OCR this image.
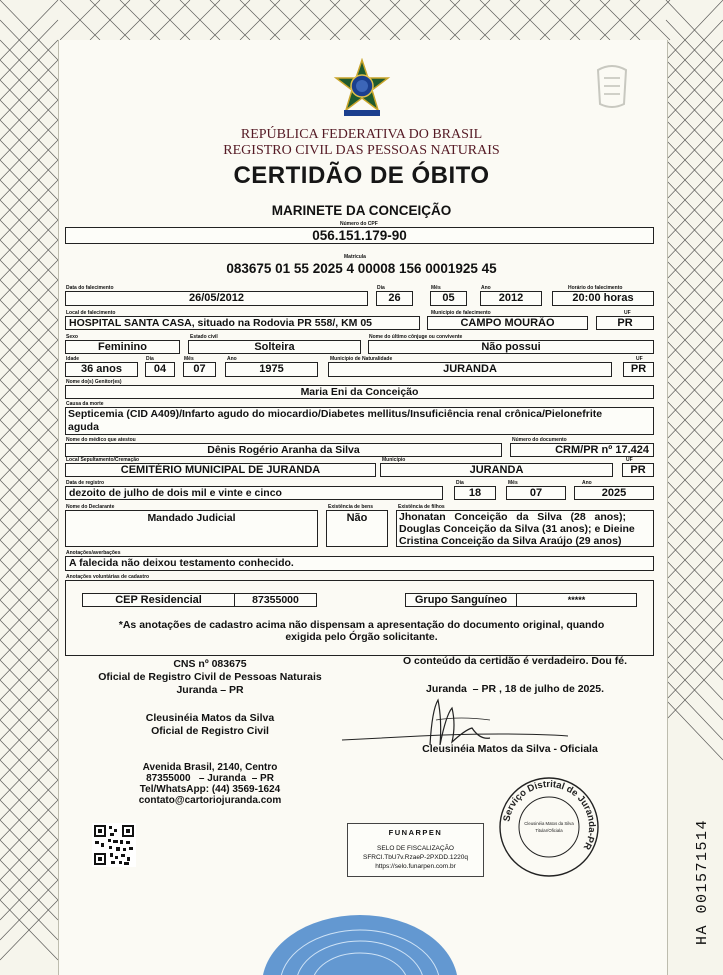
REPÚBLICA FEDERATIVA DO BRASIL
REGISTRO CIVIL DAS PESSOAS NATURAIS
CERTIDÃO DE ÓBITO
MARINETE DA CONCEIÇÃO
Número do CPF
056.151.179-90
Matrícula
083675 01 55 2025 4 00008 156 0001925 45
Data do falecimento	Dia	Mês	Ano	Horário do falecimento
26/05/2012	26	05	2012	20:00 horas
Local de falecimento	Município de falecimento	UF
HOSPITAL SANTA CASA, situado na Rodovia PR 558/, KM 05	CAMPO MOURÃO	PR
Sexo	Estado civil	Nome do último cônjuge ou convivente
Feminino	Solteira	Não possui
Idade	Dia	Mês	Ano	Município de Naturalidade	UF
36 anos	04	07	1975	JURANDA	PR
Nome do(s) Genitor(es)
Maria Eni da Conceição
Causa da morte
Septicemia (CID A409)/Infarto agudo do miocardio/Diabetes mellitus/Insuficiência renal crônica/Pielonefrite
aguda
Nome do médico que atestou	Número do documento
Dênis Rogério Aranha da Silva	CRM/PR nº 17.424
Local Sepultamento/Cremação	Município	UF
CEMITÉRIO MUNICIPAL DE JURANDA	JURANDA	PR
Data de registro	Dia	Mês	Ano
dezoito de julho de dois mil e vinte e cinco	18	07	2025
Nome do Declarante	Existência de bens	Existência de filhos
Mandado Judicial	Não	Jhonatan   Conceição   da   Silva   (28   anos);
Douglas Conceição da Silva (31 anos); e Dieine
Cristina Conceição da Silva Araújo (29 anos)
Anotações/averbações
A falecida não deixou testamento conhecido.
Anotações voluntárias de cadastro
CEP Residencial	87355000	Grupo Sanguíneo	*****
*As anotações de cadastro acima não dispensam a apresentação do documento original, quando
exigida pelo Órgão solicitante.
CNS nº 083675
Oficial de Registro Civil de Pessoas Naturais
Juranda – PR
Cleusinéia Matos da Silva
Oficial de Registro Civil
Avenida Brasil, 2140, Centro
87355000   – Juranda  – PR
Tel/WhatsApp: (44) 3569-1624
contato@cartoriojuranda.com
O conteúdo da certidão é verdadeiro. Dou fé.
Juranda  – PR , 18 de julho de 2025.
Cleusinéia Matos da Silva - Oficiala
FUNARPEN
SELO DE FISCALIZAÇÃO
SFRCI.TbU7v.RzaeP-2PXDD.1220q
https://selo.funarpen.com.br
Serviço Distrital de Juranda-PR
Cleusinéia Matos da Silva
Titular/Oficiala	HA 001571514
